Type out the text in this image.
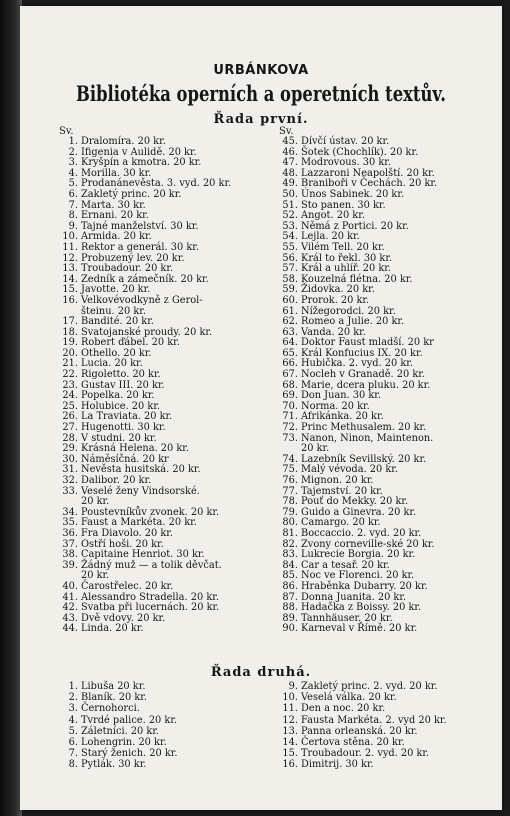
URBÁNKOVA
Bibliotéka operních a operetních textův.
Řada první.
Sv.
1. Dralomíra. 20 kr.
2. Ifigenia v Aulidě. 20 kr.
3. Kryšpín a kmotra. 20 kr.
4. Morilla. 30 kr.
5. Prodanánevěsta. 3. vyd. 20 kr.
6. Zakletý princ. 20 kr.
7. Marta. 30 kr.
8. Ernani. 20 kr.
9. Tajné manželství. 30 kr.
10. Armida. 20 kr.
11. Rektor a generál. 30 kr.
12. Probuzený lev. 20 kr.
13. Troubadour. 20 kr.
14. Zedník a zámečník. 20 kr.
15. Javotte. 20 kr.
16. Velkovévodkyně z Gerol-
šteinu. 20 kr.
17. Bandité. 20 kr.
18. Svatojanské proudy. 20 kr.
19. Robert ďábel. 20 kr.
20. Othello. 20 kr.
21. Lucia. 20 kr.
22. Rigoletto. 20 kr.
23. Gustav III. 20 kr.
24. Popelka. 20 kr.
25. Holubice. 20 kr.
26. La Traviata. 20 kr.
27. Hugenotti. 30 kr.
28. V studni. 20 kr.
29. Krásná Helena. 20 kr.
30. Náměsíčná. 20 kr
31. Nevěsta husitská. 20 kr.
32. Dalibor. 20 kr.
33. Veselé ženy Vindsorské.
20 kr.
34. Poustevníkův zvonek. 20 kr.
35. Faust a Markéta. 20 kr.
36. Fra Diavolo. 20 kr.
37. Ostří hoši. 20 kr.
38. Capitaine Henriot. 30 kr.
39. Žádný muž — a tolik děvčat.
20 kr.
40. Čarostřelec. 20 kr.
41. Alessandro Stradella. 20 kr.
42. Svatba při lucernách. 20 kr.
43. Dvě vdovy. 20 kr.
44. Linda. 20 kr.
Sv.
45. Dívčí ústav. 20 kr.
46. Šotek (Chochlík). 20 kr.
47. Modrovous. 30 kr.
48. Lazzaroni Neapolští. 20 kr.
49. Braniboři v Čechách. 20 kr.
50. Únos Sabinek. 20 kr.
51. Sto panen. 30 kr.
52. Angot. 20 kr.
53. Němá z Portici. 20 kr.
54. Lejla. 20 kr.
55. Vilém Tell. 20 kr.
56. Král to řekl. 30 kr.
57. Král a uhlíř. 20 kr.
58. Kouzelná flétna. 20 kr.
59. Židovka. 20 kr.
60. Prorok. 20 kr.
61. Nížegorodci. 20 kr.
62. Romeo a Julie. 20 kr.
63. Vanda. 20 kr.
64. Doktor Faust mladší. 20 kr
65. Král Konfucius IX. 20 kr.
66. Hubička. 2. vyd. 20 kr.
67. Nocleh v Granadě. 20 kr.
68. Marie, dcera pluku. 20 kr.
69. Don Juan. 30 kr.
70. Norma. 20 kr.
71. Afrikánka. 20 kr.
72. Princ Methusalem. 20 kr.
73. Nanon, Ninon, Maintenon.
20 kr.
74. Lazebník Sevillský. 20 kr.
75. Malý vévoda. 20 kr.
76. Mignon. 20 kr.
77. Tajemství. 20 kr.
78. Pouť do Mekky. 20 kr.
79. Guido a Ginevra. 20 kr.
80. Camargo. 20 kr.
81. Boccaccio. 2. vyd. 20 kr.
82. Zvony corneville-ské 20 kr.
83. Lukrecie Borgia. 20 kr.
84. Car a tesař. 20 kr.
85. Noc ve Florenci. 20 kr.
86. Hraběnka Dubarry. 20 kr.
87. Donna Juanita. 20 kr.
88. Hadačka z Boissy. 20 kr.
89. Tannhäuser. 20 kr.
90. Karneval v Římě. 20 kr.
Řada druhá.
1. Libuša 20 kr.
2. Blaník. 20 kr.
3. Černohorci.
4. Tvrdé palice. 20 kr.
5. Záletníci. 20 kr.
6. Lohengrin. 20 kr.
7. Starý ženich. 20 kr.
8. Pytlák. 30 kr.
9. Zakletý princ. 2. vyd. 20 kr.
10. Veselá válka. 20 kr.
11. Den a noc. 20 kr.
12. Fausta Markéta. 2. vyd 20 kr.
13. Panna orleanská. 20 kr.
14. Čertova stěna. 20 kr.
15. Troubadour. 2. vyd. 20 kr.
16. Dimitrij. 30 kr.
